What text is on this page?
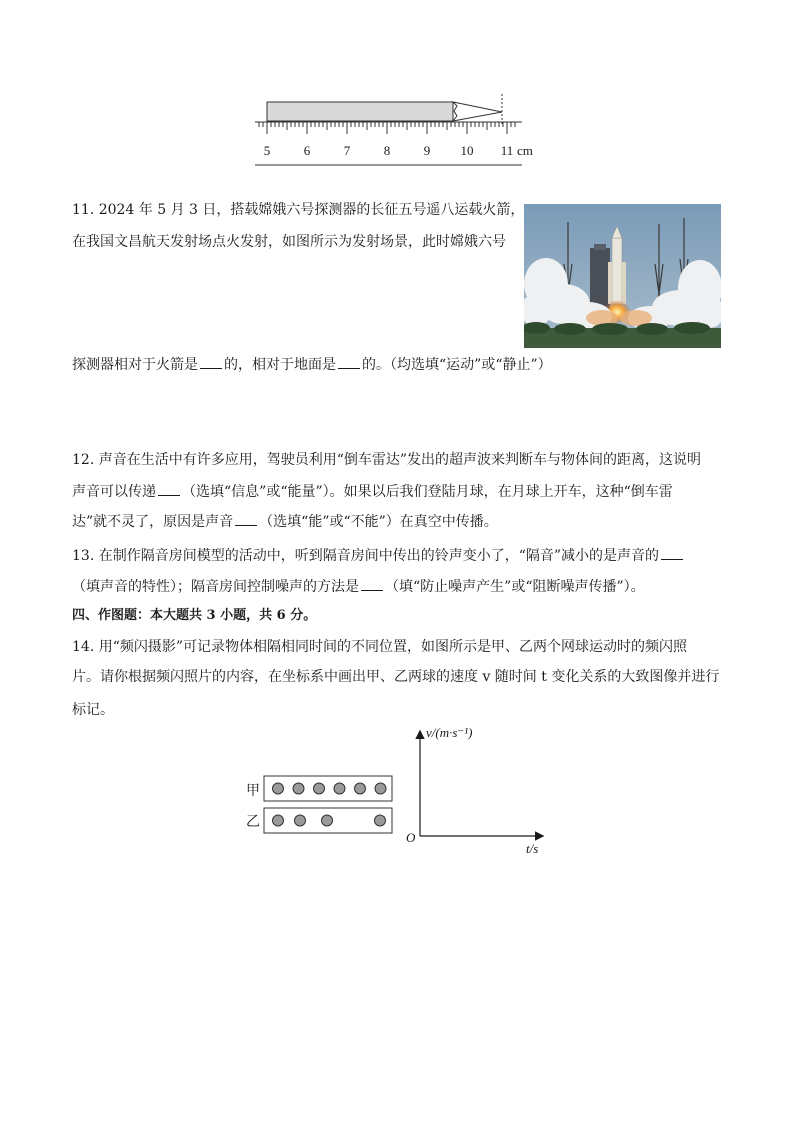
5	6	7	8	9 10 11 cm
11. 2024 年 5 月 3 日，搭载嫦娥六号探测器的长征五号遥八运载火箭，
在我国文昌航天发射场点火发射，如图所示为发射场景，此时嫦娥六号
探测器相对于火箭是 的，相对于地面是 的。（均选填“运动”或“静止”）
12. 声音在生活中有许多应用，驾驶员利用“倒车雷达”发出的超声波来判断车与物体间的距离，这说明
声音可以传递 （选填“信息”或“能量”）。如果以后我们登陆月球，在月球上开车，这种“倒车雷
达”就不灵了，原因是声音 （选填“能”或“不能”）在真空中传播。
13. 在制作隔音房间模型的活动中，听到隔音房间中传出的铃声变小了，“隔音”减小的是声音的
（填声音的特性）；隔音房间控制噪声的方法是 （填“防止噪声产生”或“阻断噪声传播”）。
四、作图题：本大题共 3 小题，共 6 分。
14. 用“频闪摄影”可记录物体相隔相同时间的不同位置，如图所示是甲、乙两个网球运动时的频闪照
片。请你根据频闪照片的内容，在坐标系中画出甲、乙两球的速度 v 随时间 t 变化关系的大致图像并进行
标记。
甲
乙
v/(m·s⁻¹)
t/s
O
